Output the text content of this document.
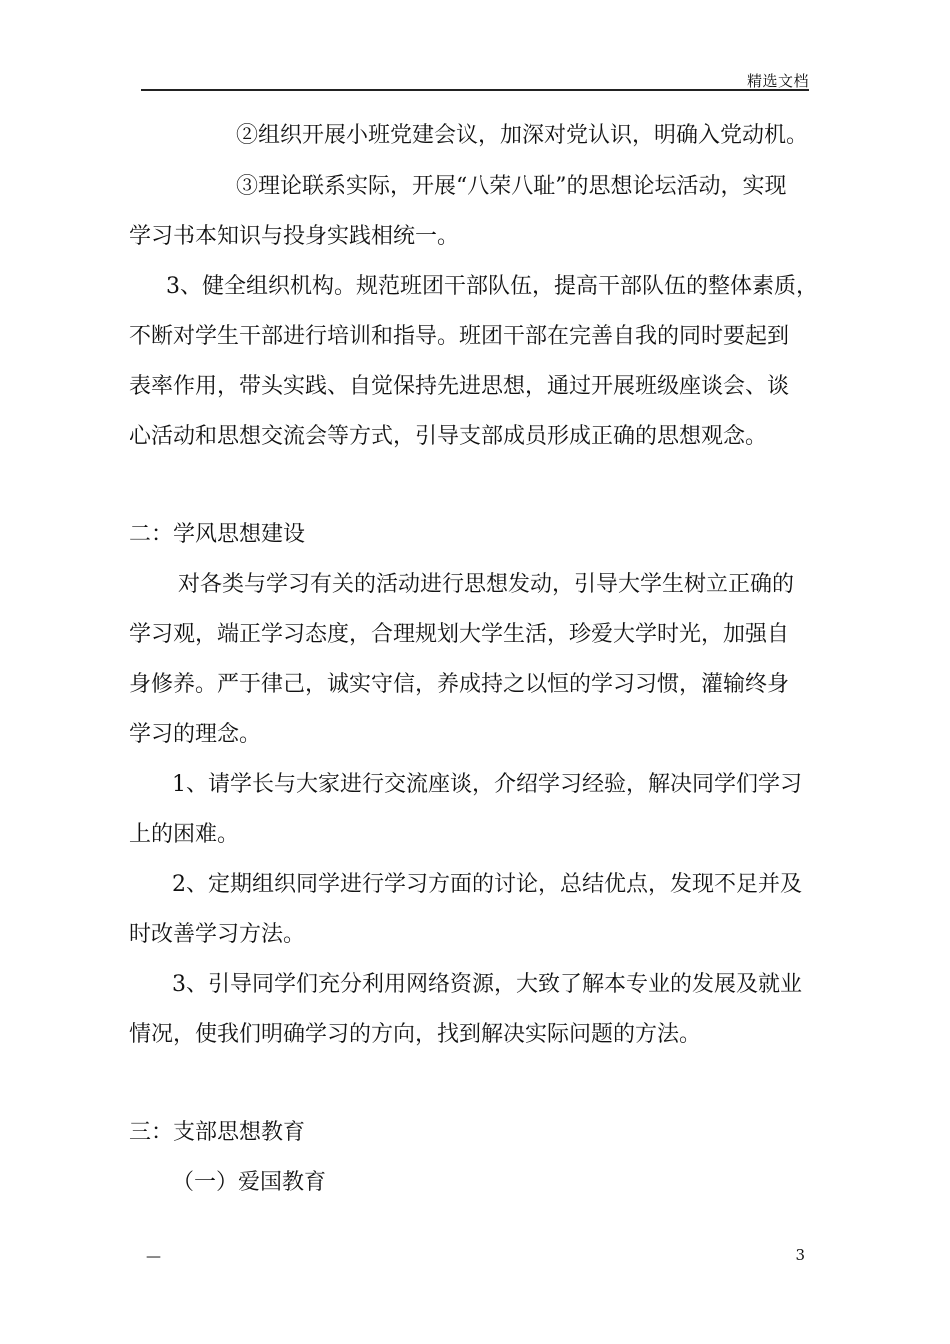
精选文档
②组织开展小班党建会议，加深对党认识，明确入党动机。
③理论联系实际，开展“八荣八耻”的思想论坛活动，实现
学习书本知识与投身实践相统一。
3、健全组织机构。规范班团干部队伍，提高干部队伍的整体素质，
不断对学生干部进行培训和指导。班团干部在完善自我的同时要起到
表率作用，带头实践、自觉保持先进思想，通过开展班级座谈会、谈
心活动和思想交流会等方式，引导支部成员形成正确的思想观念。
二：学风思想建设
对各类与学习有关的活动进行思想发动，引导大学生树立正确的
学习观，端正学习态度，合理规划大学生活，珍爱大学时光，加强自
身修养。严于律己，诚实守信，养成持之以恒的学习习惯，灌输终身
学习的理念。
1、请学长与大家进行交流座谈，介绍学习经验，解决同学们学习
上的困难。
2、定期组织同学进行学习方面的讨论，总结优点，发现不足并及
时改善学习方法。
3、引导同学们充分利用网络资源，大致了解本专业的发展及就业
情况，使我们明确学习的方向，找到解决实际问题的方法。
三：支部思想教育
（一）爱国教育
—	3
